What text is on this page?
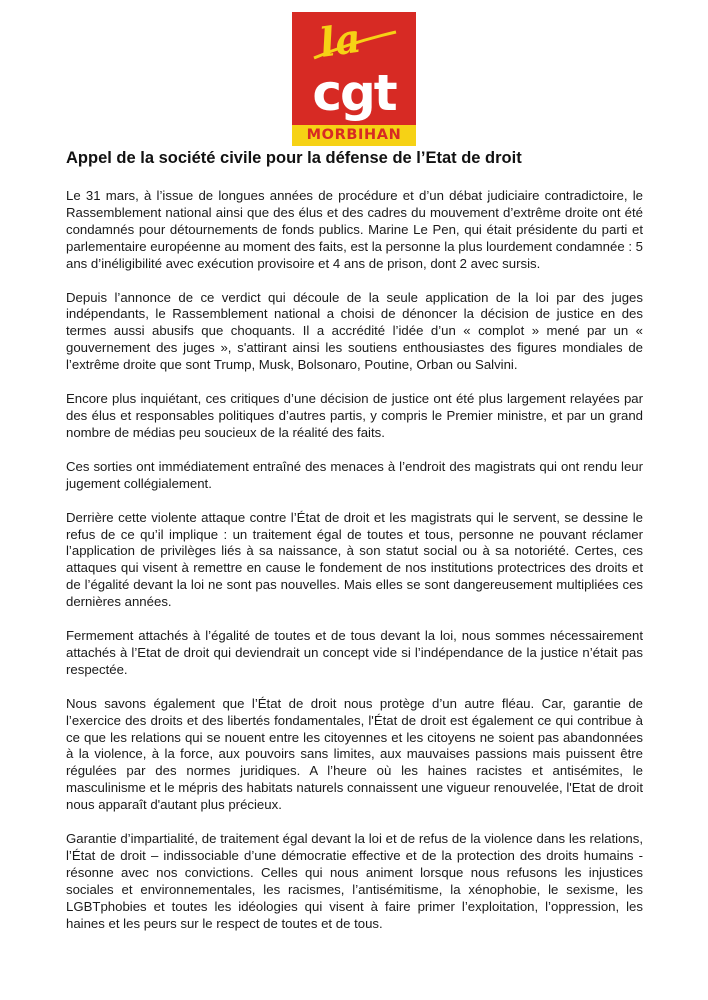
la
cgt
MORBIHAN
Appel de la société civile pour la défense de l’Etat de droit

Le 31 mars, à l’issue de longues années de procédure et d’un débat judiciaire contradictoire, le Rassemblement national ainsi que des élus et des cadres du mouvement d’extrême droite ont été condamnés pour détournements de fonds publics. Marine Le Pen, qui était présidente du parti et parlementaire européenne au moment des faits, est la personne la plus lourdement condamnée : 5 ans d’inéligibilité avec exécution provisoire et 4 ans de prison, dont 2 avec sursis.

Depuis l’annonce de ce verdict qui découle de la seule application de la loi par des juges indépendants, le Rassemblement national a choisi de dénoncer la décision de justice en des termes aussi abusifs que choquants. Il a accrédité l’idée d’un « complot » mené par un « gouvernement des juges », s'attirant ainsi les soutiens enthousiastes des figures mondiales de l’extrême droite que sont Trump, Musk, Bolsonaro, Poutine, Orban ou Salvini.

Encore plus inquiétant, ces critiques d’une décision de justice ont été plus largement relayées par des élus et responsables politiques d’autres partis, y compris le Premier ministre, et par un grand nombre de médias peu soucieux de la réalité des faits.

Ces sorties ont immédiatement entraîné des menaces à l’endroit des magistrats qui ont rendu leur jugement collégialement.

Derrière cette violente attaque contre l’État de droit et les magistrats qui le servent, se dessine le refus de ce qu’il implique : un traitement égal de toutes et tous, personne ne pouvant réclamer l’application de privilèges liés à sa naissance, à son statut social ou à sa notoriété. Certes, ces attaques qui visent à remettre en cause le fondement de nos institutions protectrices des droits et de l’égalité devant la loi ne sont pas nouvelles. Mais elles se sont dangereusement multipliées ces dernières années.

Fermement attachés à l’égalité de toutes et de tous devant la loi, nous sommes nécessairement attachés à l’Etat de droit qui deviendrait un concept vide si l’indépendance de la justice n’était pas respectée.

Nous savons également que l’État de droit nous protège d’un autre fléau. Car, garantie de l’exercice des droits et des libertés fondamentales, l'État de droit est également ce qui contribue à ce que les relations qui se nouent entre les citoyennes et les citoyens ne soient pas abandonnées à la violence, à la force, aux pouvoirs sans limites, aux mauvaises passions mais puissent être régulées par des normes juridiques. A l’heure où les haines racistes et antisémites, le masculinisme et le mépris des habitats naturels connaissent une vigueur renouvelée, l'Etat de droit nous apparaît d'autant plus précieux.

Garantie d’impartialité, de traitement égal devant la loi et de refus de la violence dans les relations, l’État de droit – indissociable d’une démocratie effective et de la protection des droits humains - résonne avec nos convictions. Celles qui nous animent lorsque nous refusons les injustices sociales et environnementales, les racismes, l’antisémitisme, la xénophobie, le sexisme, les LGBTphobies et toutes les idéologies qui visent à faire primer l’exploitation, l’oppression, les haines et les peurs sur le respect de toutes et de tous.
